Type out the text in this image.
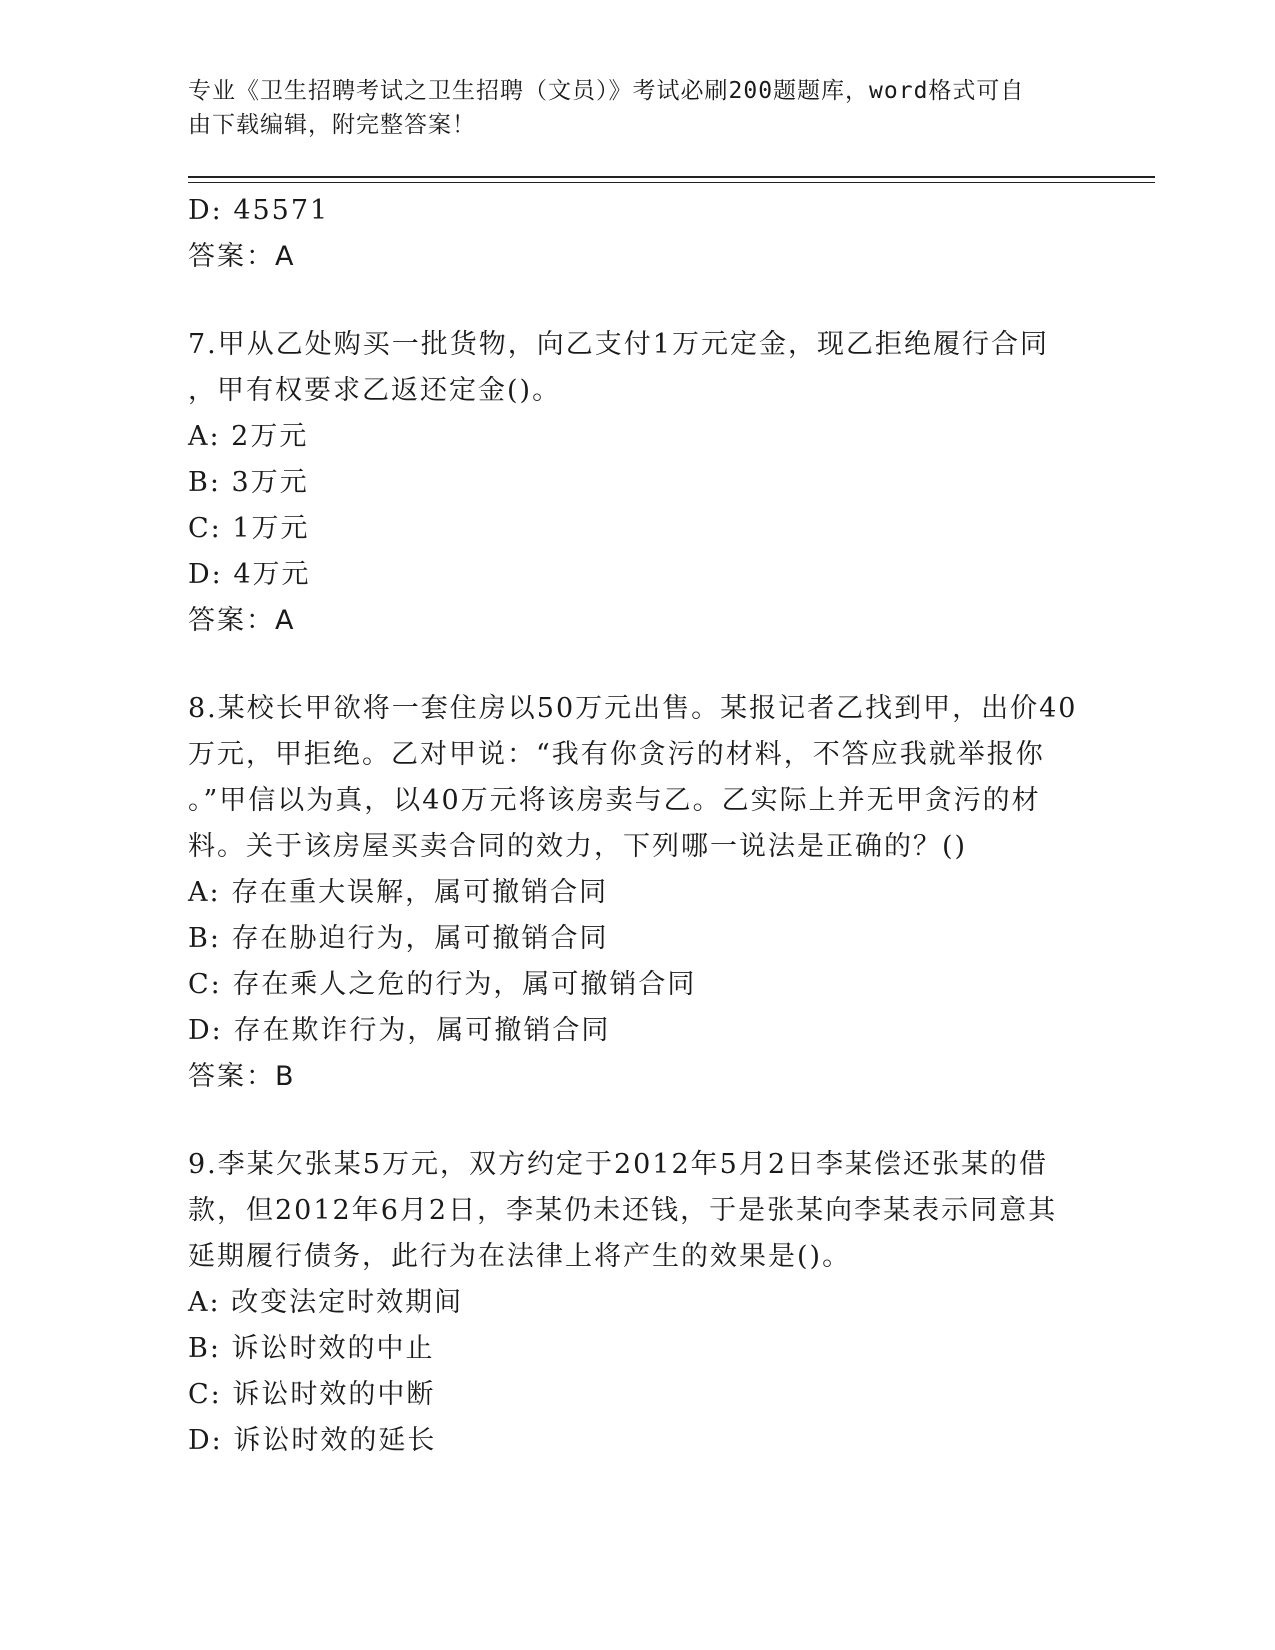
专业《卫生招聘考试之卫生招聘（文员）》考试必刷200题题库，word格式可自
由下载编辑，附完整答案！
D: 45571
答案：A
7.甲从乙处购买一批货物，向乙支付1万元定金，现乙拒绝履行合同
，甲有权要求乙返还定金()。
A: 2万元
B: 3万元
C: 1万元
D: 4万元
答案：A
8.某校长甲欲将一套住房以50万元出售。某报记者乙找到甲，出价40
万元，甲拒绝。乙对甲说：“我有你贪污的材料，不答应我就举报你
。”甲信以为真，以40万元将该房卖与乙。乙实际上并无甲贪污的材
料。关于该房屋买卖合同的效力，下列哪一说法是正确的？()
A: 存在重大误解，属可撤销合同
B: 存在胁迫行为，属可撤销合同
C: 存在乘人之危的行为，属可撤销合同
D: 存在欺诈行为，属可撤销合同
答案：B
9.李某欠张某5万元，双方约定于2012年5月2日李某偿还张某的借
款，但2012年6月2日，李某仍未还钱，于是张某向李某表示同意其
延期履行债务，此行为在法律上将产生的效果是()。
A: 改变法定时效期间
B: 诉讼时效的中止
C: 诉讼时效的中断
D: 诉讼时效的延长
